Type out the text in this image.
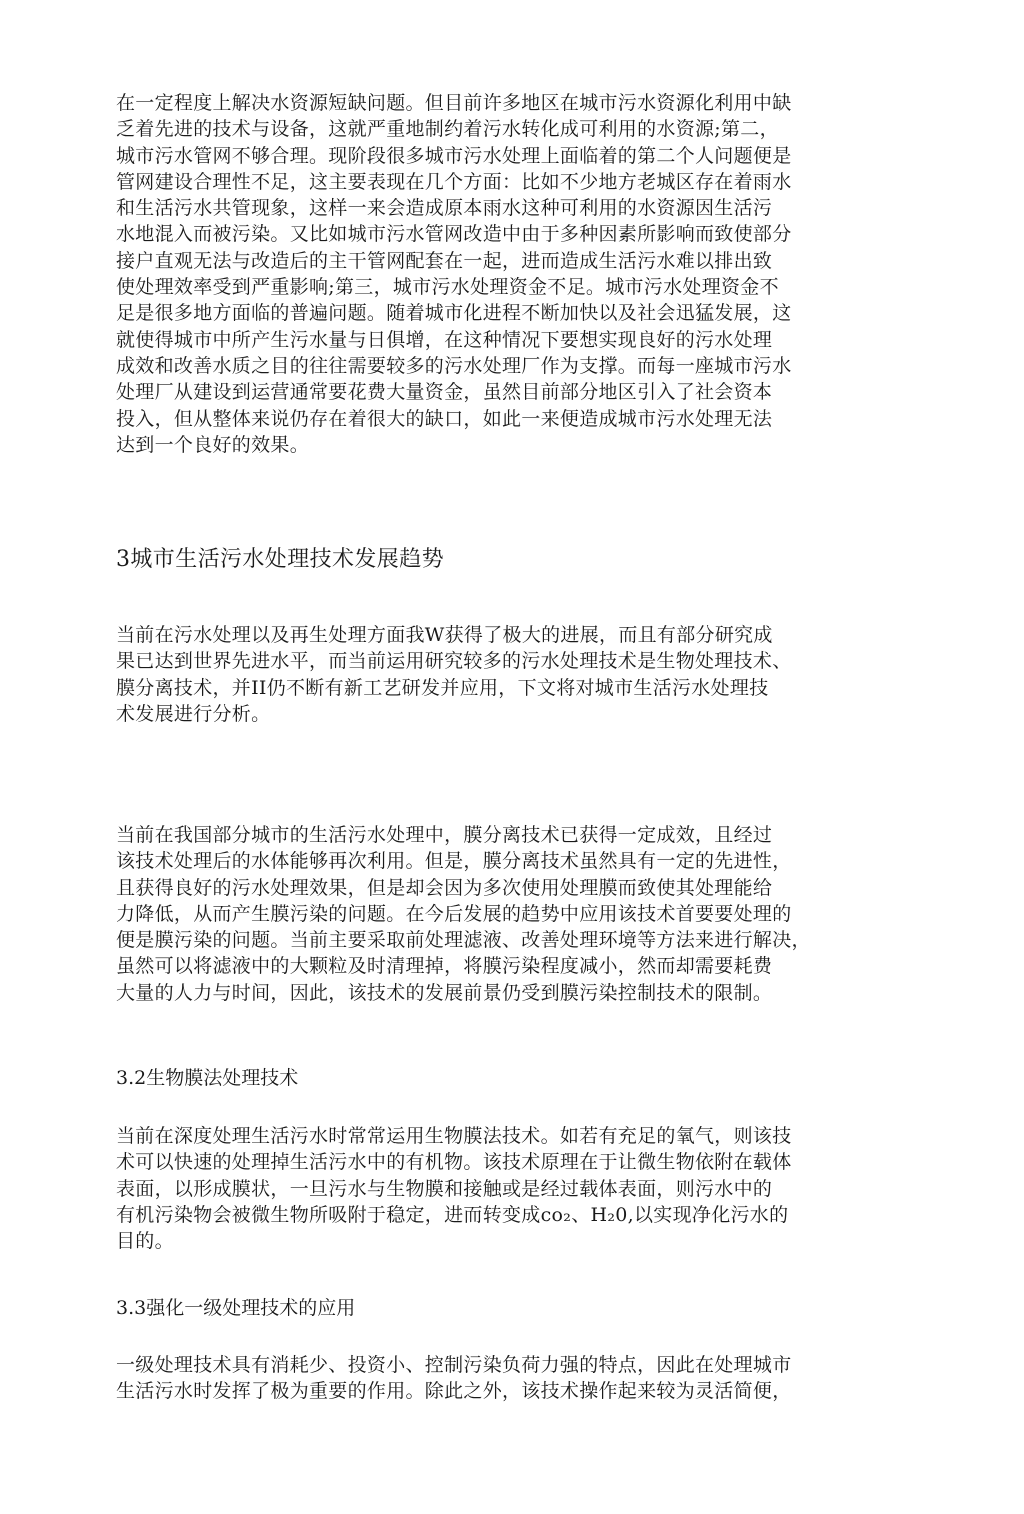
在一定程度上解决水资源短缺问题。但目前许多地区在城市污水资源化利用中缺
乏着先进的技术与设备，这就严重地制约着污水转化成可利用的水资源;第二，
城市污水管网不够合理。现阶段很多城市污水处理上面临着的第二个人问题便是
管网建设合理性不足，这主要表现在几个方面：比如不少地方老城区存在着雨水
和生活污水共管现象，这样一来会造成原本雨水这种可利用的水资源因生活污
水地混入而被污染。又比如城市污水管网改造中由于多种因素所影响而致使部分
接户直观无法与改造后的主干管网配套在一起，进而造成生活污水难以排出致
使处理效率受到严重影响;第三，城市污水处理资金不足。城市污水处理资金不
足是很多地方面临的普遍问题。随着城市化进程不断加快以及社会迅猛发展，这
就使得城市中所产生污水量与日俱增，在这种情况下要想实现良好的污水处理
成效和改善水质之目的往往需要较多的污水处理厂作为支撑。而每一座城市污水
处理厂从建设到运营通常要花费大量资金，虽然目前部分地区引入了社会资本
投入，但从整体来说仍存在着很大的缺口，如此一来便造成城市污水处理无法
达到一个良好的效果。
3城市生活污水处理技术发展趋势
当前在污水处理以及再生处理方面我W获得了极大的进展，而且有部分研究成
果已达到世界先进水平，而当前运用研究较多的污水处理技术是生物处理技术、
膜分离技术，并II仍不断有新工艺研发并应用，下文将对城市生活污水处理技
术发展进行分析。
当前在我国部分城市的生活污水处理中，膜分离技术已获得一定成效，且经过
该技术处理后的水体能够再次利用。但是，膜分离技术虽然具有一定的先进性，
且获得良好的污水处理效果，但是却会因为多次使用处理膜而致使其处理能给
力降低，从而产生膜污染的问题。在今后发展的趋势中应用该技术首要要处理的
便是膜污染的问题。当前主要采取前处理滤液、改善处理环境等方法来进行解决，
虽然可以将滤液中的大颗粒及时清理掉，将膜污染程度减小，然而却需要耗费
大量的人力与时间，因此，该技术的发展前景仍受到膜污染控制技术的限制。
3.2生物膜法处理技术
当前在深度处理生活污水时常常运用生物膜法技术。如若有充足的氧气，则该技
术可以快速的处理掉生活污水中的有机物。该技术原理在于让微生物依附在载体
表面，以形成膜状，一旦污水与生物膜和接触或是经过载体表面，则污水中的
有机污染物会被微生物所吸附于稳定，进而转变成co₂、H₂0,以实现净化污水的
目的。
3.3强化一级处理技术的应用
一级处理技术具有消耗少、投资小、控制污染负荷力强的特点，因此在处理城市
生活污水时发挥了极为重要的作用。除此之外，该技术操作起来较为灵活简便，
